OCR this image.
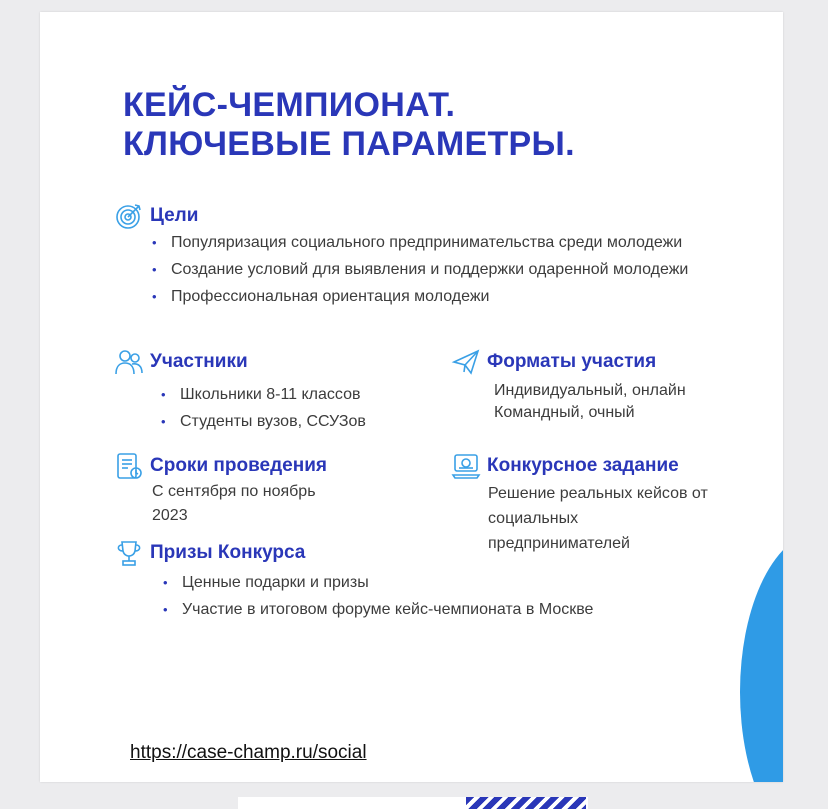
КЕЙС-ЧЕМПИОНАТ.
КЛЮЧЕВЫЕ ПАРАМЕТРЫ.
Цели
• Популяризация социального предпринимательства среди молодежи
• Создание условий для выявления и поддержки одаренной молодежи
• Профессиональная ориентация молодежи
Участники
• Школьники 8-11 классов
• Студенты вузов, ССУЗов
Форматы участия

Индивидуальный, онлайн

Командный, очный

Сроки проведения

С сентября по ноябрь

2023

Конкурсное задание

Решение реальных кейсов от

социальных

предпринимателей

Призы Конкурса
• Ценные подарки и призы
• Участие в итоговом форуме кейс-чемпионата в Москве
https://case-champ.ru/social
